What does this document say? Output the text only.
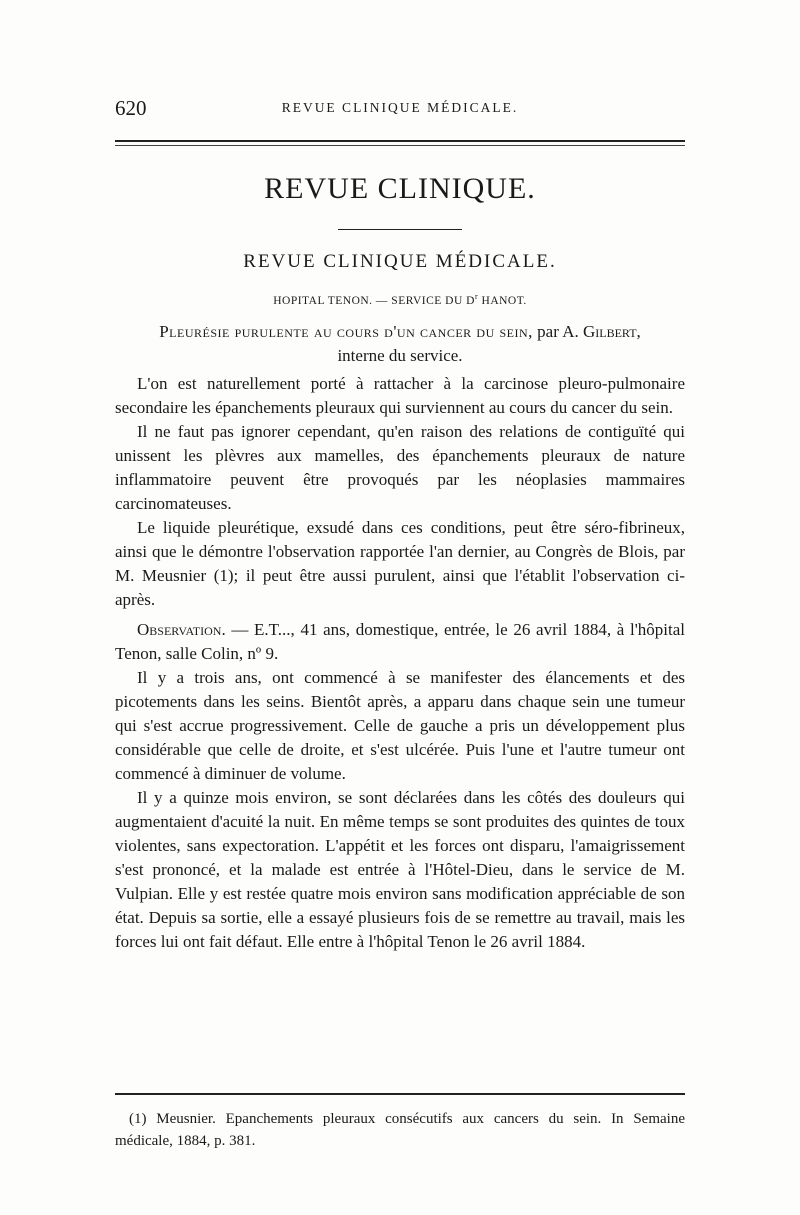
620	REVUE CLINIQUE MÉDICALE.
REVUE CLINIQUE.
REVUE CLINIQUE MÉDICALE.
HOPITAL TENON. — SERVICE DU $D^r$ HANOT.
Pleurésie purulente au cours d'un cancer du sein, par A. Gilbert,
interne du service.

L'on est naturellement porté à rattacher à la carcinose pleuro-pulmonaire secondaire les épanchements pleuraux qui surviennent au cours du cancer du sein.

Il ne faut pas ignorer cependant, qu'en raison des relations de contiguïté qui unissent les plèvres aux mamelles, des épanchements pleuraux de nature inflammatoire peuvent être provoqués par les néoplasies mammaires carcinomateuses.

Le liquide pleurétique, exsudé dans ces conditions, peut être séro-fibrineux, ainsi que le démontre l'observation rapportée l'an dernier, au Congrès de Blois, par M. Meusnier (1); il peut être aussi purulent, ainsi que l'établit l'observation ci-après.

Observation. — E.T..., 41 ans, domestique, entrée, le 26 avril 1884, à l'hôpital Tenon, salle Colin, nº 9.

Il y a trois ans, ont commencé à se manifester des élancements et des picotements dans les seins. Bientôt après, a apparu dans chaque sein une tumeur qui s'est accrue progressivement. Celle de gauche a pris un développement plus considérable que celle de droite, et s'est ulcérée. Puis l'une et l'autre tumeur ont commencé à diminuer de volume.

Il y a quinze mois environ, se sont déclarées dans les côtés des douleurs qui augmentaient d'acuité la nuit. En même temps se sont produites des quintes de toux violentes, sans expectoration. L'appétit et les forces ont disparu, l'amaigrissement s'est prononcé, et la malade est entrée à l'Hôtel-Dieu, dans le service de M. Vulpian. Elle y est restée quatre mois environ sans modification appréciable de son état. Depuis sa sortie, elle a essayé plusieurs fois de se remettre au travail, mais les forces lui ont fait défaut. Elle entre à l'hôpital Tenon le 26 avril 1884.

(1) Meusnier. Epanchements pleuraux consécutifs aux cancers du sein. In Semaine médicale, 1884, p. 381.
